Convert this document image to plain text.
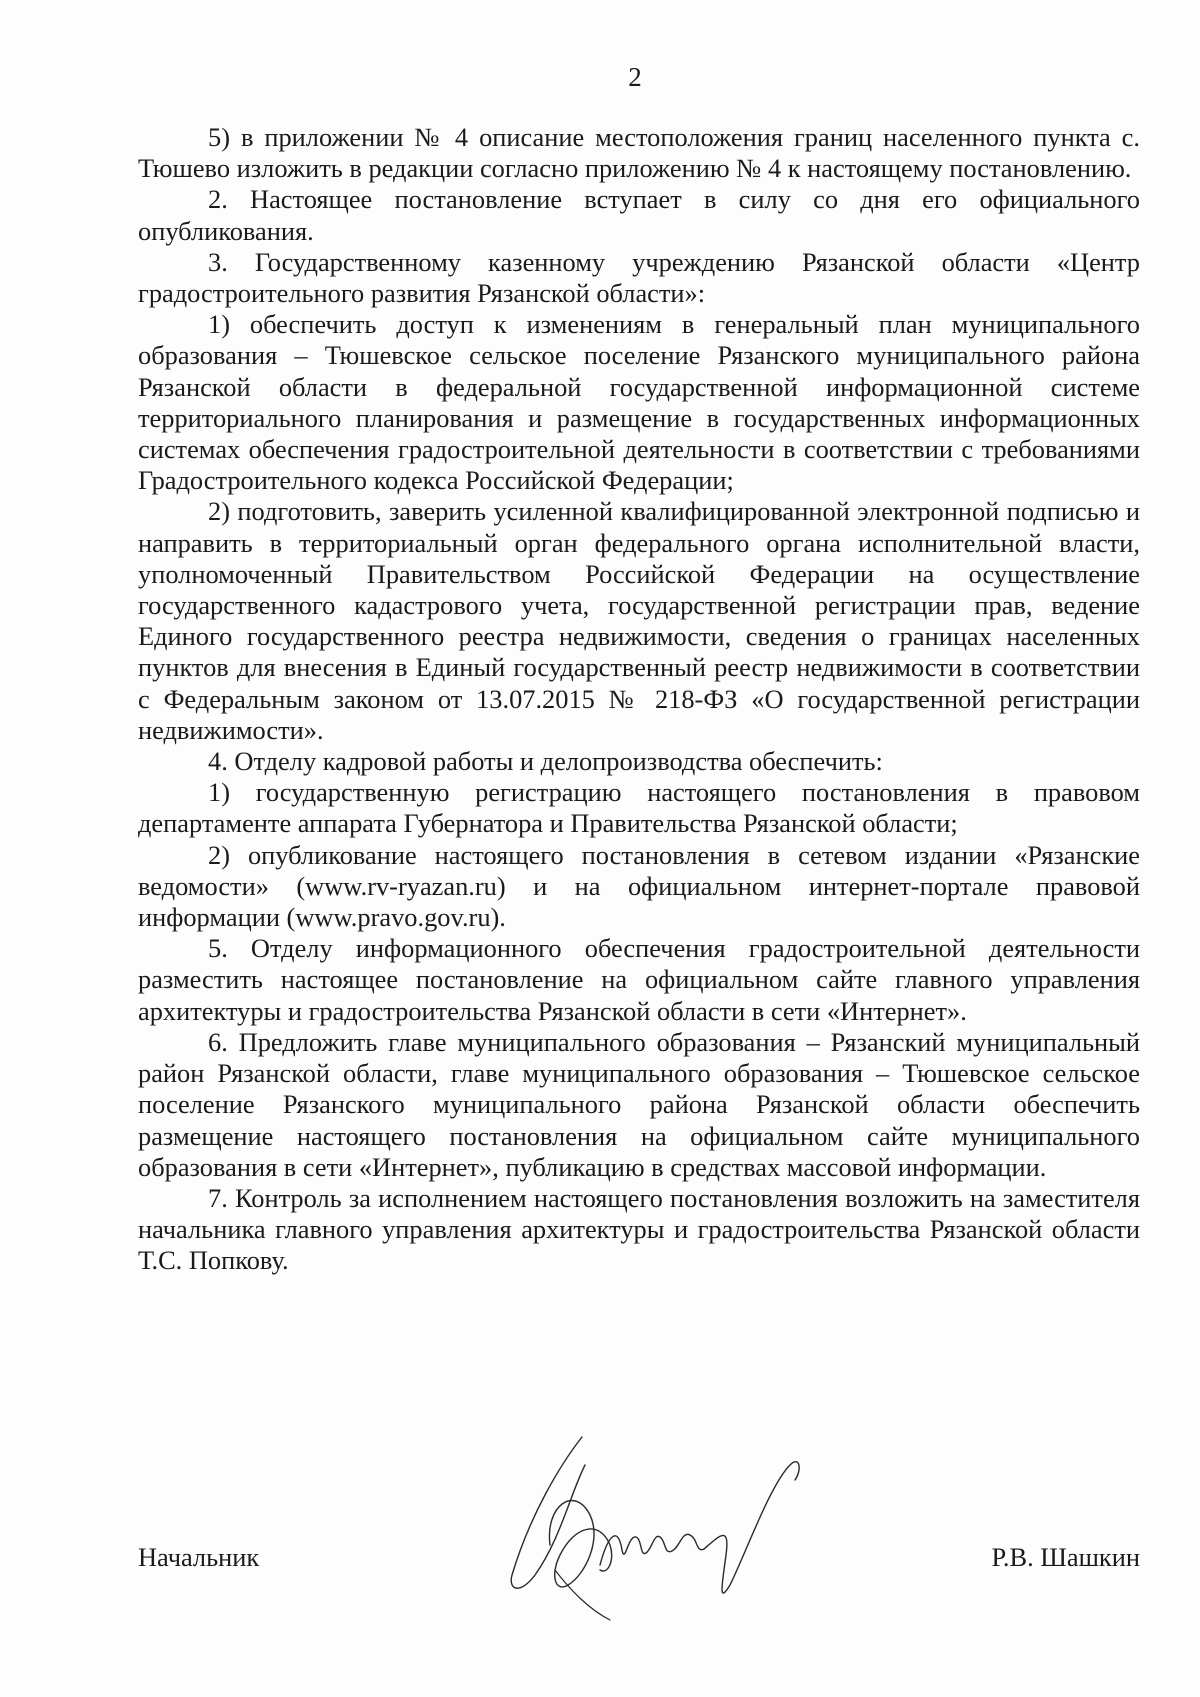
2

5) в приложении № 4 описание местоположения границ населенного пункта с. Тюшево изложить в редакции согласно приложению № 4 к настоящему постановлению.

2. Настоящее постановление вступает в силу со дня его официального опубликования.

3. Государственному казенному учреждению Рязанской области «Центр градостроительного развития Рязанской области»:

1) обеспечить доступ к изменениям в генеральный план муниципального образования – Тюшевское сельское поселение Рязанского муниципального района Рязанской области в федеральной государственной информационной системе территориального планирования и размещение в государственных информационных системах обеспечения градостроительной деятельности в соответствии с требованиями Градостроительного кодекса Российской Федерации;

2) подготовить, заверить усиленной квалифицированной электронной подписью и направить в территориальный орган федерального органа исполнительной власти, уполномоченный Правительством Российской Федерации на осуществление государственного кадастрового учета, государственной регистрации прав, ведение Единого государственного реестра недвижимости, сведения о границах населенных пунктов для внесения в Единый государственный реестр недвижимости в соответствии с Федеральным законом от 13.07.2015 № 218-ФЗ «О государственной регистрации недвижимости».

4. Отделу кадровой работы и делопроизводства обеспечить:

1) государственную регистрацию настоящего постановления в правовом департаменте аппарата Губернатора и Правительства Рязанской области;

2) опубликование настоящего постановления в сетевом издании «Рязанские ведомости» (www.rv-ryazan.ru) и на официальном интернет-портале правовой информации (www.pravo.gov.ru).

5. Отделу информационного обеспечения градостроительной деятельности разместить настоящее постановление на официальном сайте главного управления архитектуры и градостроительства Рязанской области в сети «Интернет».

6. Предложить главе муниципального образования – Рязанский муниципальный район Рязанской области, главе муниципального образования – Тюшевское сельское поселение Рязанского муниципального района Рязанской области обеспечить размещение настоящего постановления на официальном сайте муниципального образования в сети «Интернет», публикацию в средствах массовой информации.

7. Контроль за исполнением настоящего постановления возложить на заместителя начальника главного управления архитектуры и градостроительства Рязанской области Т.С. Попкову.

Начальник	Р.В. Шашкин
